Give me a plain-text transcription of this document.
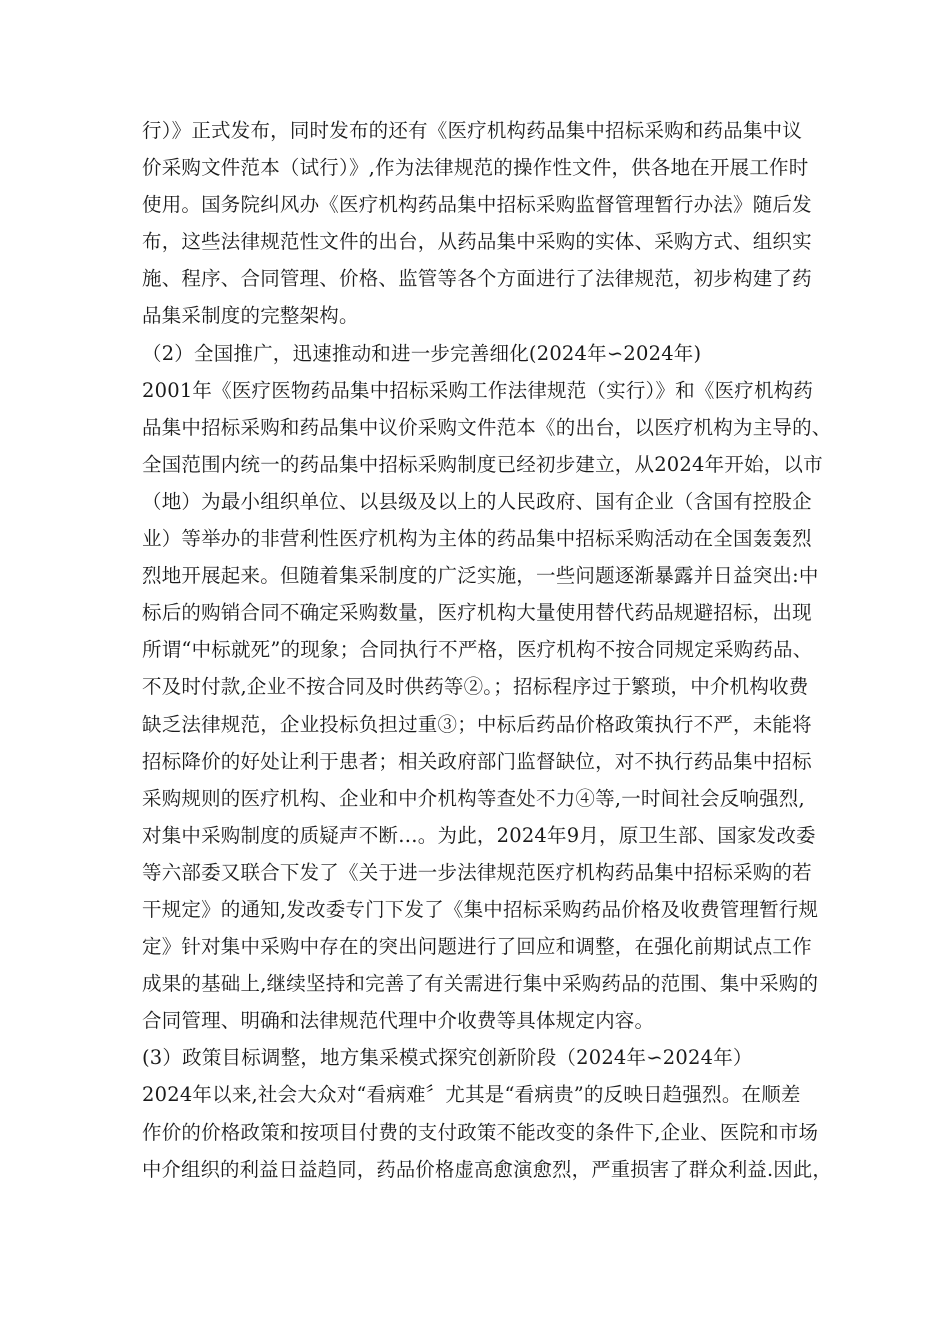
行）》正式发布，同时发布的还有《医疗机构药品集中招标采购和药品集中议
价采购文件范本（试行）》,作为法律规范的操作性文件，供各地在开展工作时
使用。国务院纠风办《医疗机构药品集中招标采购监督管理暂行办法》随后发
布，这些法律规范性文件的出台，从药品集中采购的实体、采购方式、组织实
施、程序、合同管理、价格、监管等各个方面进行了法律规范，初步构建了药
品集采制度的完整架构。
（2）全国推广，迅速推动和进一步完善细化(2024年∽2024年)
2001年《医疗医物药品集中招标采购工作法律规范（实行）》和《医疗机构药
品集中招标采购和药品集中议价采购文件范本《的出台，以医疗机构为主导的、
全国范围内统一的药品集中招标采购制度已经初步建立，从2024年开始，以市
（地）为最小组织单位、以县级及以上的人民政府、国有企业（含国有控股企
业）等举办的非营利性医疗机构为主体的药品集中招标采购活动在全国轰轰烈
烈地开展起来。但随着集采制度的广泛实施，一些问题逐渐暴露并日益突出:中
标后的购销合同不确定采购数量，医疗机构大量使用替代药品规避招标，出现
所谓“中标就死”的现象；合同执行不严格，医疗机构不按合同规定采购药品、
不及时付款,企业不按合同及时供药等②。；招标程序过于繁琐，中介机构收费
缺乏法律规范，企业投标负担过重③；中标后药品价格政策执行不严，未能将
招标降价的好处让利于患者；相关政府部门监督缺位，对不执行药品集中招标
采购规则的医疗机构、企业和中介机构等查处不力④等,一时间社会反响强烈,
对集中采购制度的质疑声不断…。为此，2024年9月，原卫生部、国家发改委
等六部委又联合下发了《关于进一步法律规范医疗机构药品集中招标采购的若
干规定》的通知,发改委专门下发了《集中招标采购药品价格及收费管理暂行规
定》针对集中采购中存在的突出问题进行了回应和调整，在强化前期试点工作
成果的基础上,继续坚持和完善了有关需进行集中采购药品的范围、集中采购的
合同管理、明确和法律规范代理中介收费等具体规定内容。
(3）政策目标调整，地方集采模式探究创新阶段（2024年∽2024年）
2024年以来,社会大众对“看病难〞尤其是“看病贵”的反映日趋强烈。在顺差
作价的价格政策和按项目付费的支付政策不能改变的条件下,企业、医院和市场
中介组织的利益日益趋同，药品价格虚高愈演愈烈，严重损害了群众利益.因此，
